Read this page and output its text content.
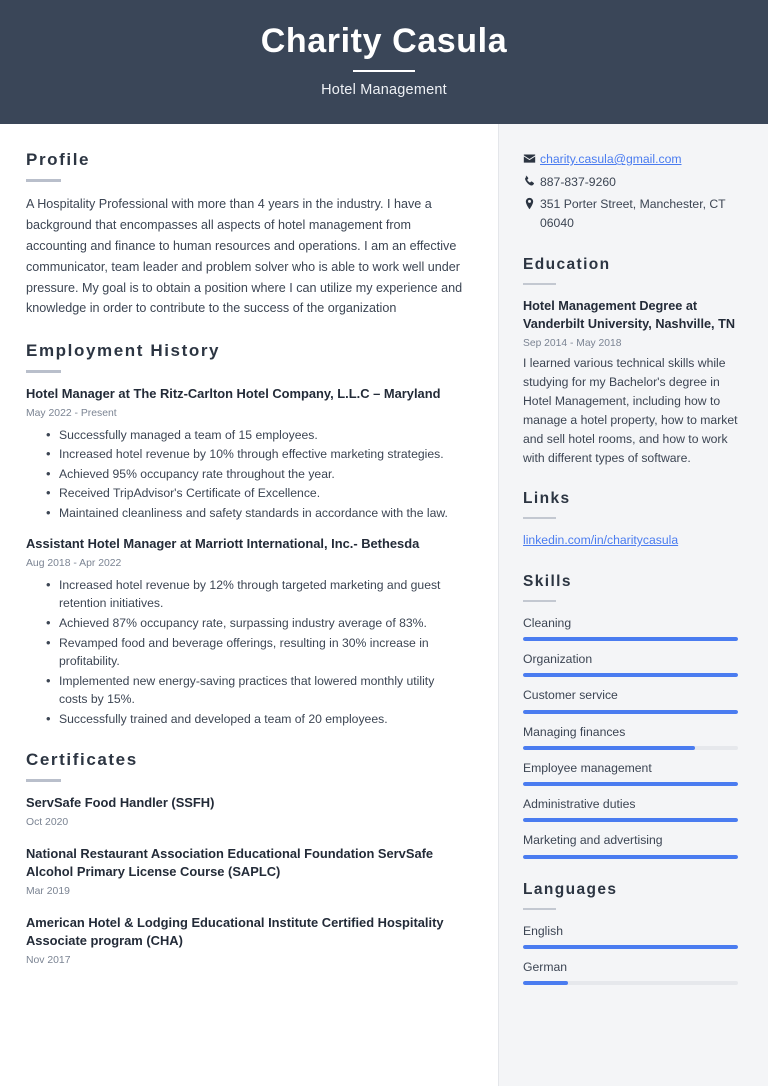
Charity Casula
Hotel Management
Profile
A Hospitality Professional with more than 4 years in the industry. I have a background that encompasses all aspects of hotel management from accounting and finance to human resources and operations. I am an effective communicator, team leader and problem solver who is able to work well under pressure. My goal is to obtain a position where I can utilize my experience and knowledge in order to contribute to the success of the organization
Employment History
Hotel Manager at The Ritz-Carlton Hotel Company, L.L.C – Maryland
May 2022 - Present
• Successfully managed a team of 15 employees.
• Increased hotel revenue by 10% through effective marketing strategies.
• Achieved 95% occupancy rate throughout the year.
• Received TripAdvisor's Certificate of Excellence.
• Maintained cleanliness and safety standards in accordance with the law.
Assistant Hotel Manager at Marriott International, Inc.- Bethesda
Aug 2018 - Apr 2022
• Increased hotel revenue by 12% through targeted marketing and guest retention initiatives.
• Achieved 87% occupancy rate, surpassing industry average of 83%.
• Revamped food and beverage offerings, resulting in 30% increase in profitability.
• Implemented new energy-saving practices that lowered monthly utility costs by 15%.
• Successfully trained and developed a team of 20 employees.
Certificates
ServSafe Food Handler (SSFH)
Oct 2020
National Restaurant Association Educational Foundation ServSafe Alcohol Primary License Course (SAPLC)
Mar 2019
American Hotel & Lodging Educational Institute Certified Hospitality Associate program (CHA)
Nov 2017
charity.casula@gmail.com
887-837-9260
351 Porter Street, Manchester, CT 06040
Education
Hotel Management Degree at Vanderbilt University, Nashville, TN
Sep 2014 - May 2018
I learned various technical skills while studying for my Bachelor's degree in Hotel Management, including how to manage a hotel property, how to market and sell hotel rooms, and how to work with different types of software.
Links
linkedin.com/in/charitycasula
Skills
Cleaning
Organization
Customer service
Managing finances
Employee management
Administrative duties
Marketing and advertising
Languages
English
German
